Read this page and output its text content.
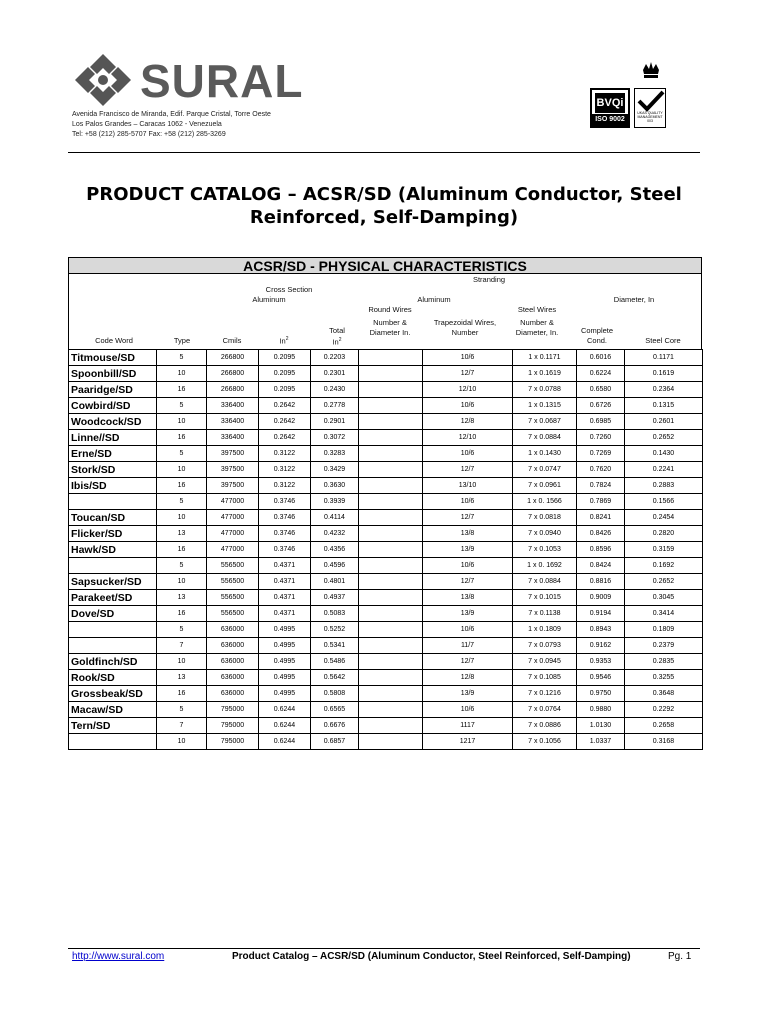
SURAL
Avenida Francisco de Miranda, Edif. Parque Cristal, Torre Oeste
Los Palos Grandes – Caracas 1062 - Venezuela
Tel: +58 (212) 285-5707 Fax: +58 (212) 285-3269
BVQi
ISO 9002
UKAS QUALITY MANAGEMENT 003
PRODUCT CATALOG – ACSR/SD (Aluminum Conductor, Steel Reinforced, Self-Damping)
ACSR/SD - PHYSICAL CHARACTERISTICS
Stranding
Cross Section
Aluminum	Aluminum	Diameter, In
Round Wires	Steel Wires
Code Word	Type	Cmils	In$^2$
Total
In$^2$
Number & Diameter In.
Trapezoidal Wires, Number
Number & Diameter, In.	Complete Cond.	Steel Core
Titmouse/SD	5	266800	0.2095	0.2203		10/6	1 x 0.1171	0.6016	0.1171
Spoonbill/SD	10	266800	0.2095	0.2301		12/7	1 x 0.1619	0.6224	0.1619
Paaridge/SD	16	266800	0.2095	0.2430		12/10	7 x 0.0788	0.6580	0.2364
Cowbird/SD	5	336400	0.2642	0.2778		10/6	1 x 0.1315	0.6726	0.1315
Woodcock/SD	10	336400	0.2642	0.2901		12/8	7 x 0.0687	0.6985	0.2601
Linne//SD	16	336400	0.2642	0.3072		12/10	7 x 0.0884	0.7260	0.2652
Erne/SD	5	397500	0.3122	0.3283		10/6	1 x 0.1430	0.7269	0.1430
Stork/SD	10	397500	0.3122	0.3429		12/7	7 x 0.0747	0.7620	0.2241
Ibis/SD	16	397500	0.3122	0.3630		13/10	7 x 0.0961	0.7824	0.2883
	5	477000	0.3746	0.3939		10/6	1 x 0. 1566	0.7869	0.1566
Toucan/SD	10	477000	0.3746	0.4114		12/7	7 x 0.0818	0.8241	0.2454
Flicker/SD	13	477000	0.3746	0.4232		13/8	7 x 0.0940	0.8426	0.2820
Hawk/SD	16	477000	0.3746	0.4356		13/9	7 x 0.1053	0.8596	0.3159
	5	556500	0.4371	0.4596		10/6	1 x 0. 1692	0.8424	0.1692
Sapsucker/SD	10	556500	0.4371	0.4801		12/7	7 x 0.0884	0.8816	0.2652
Parakeet/SD	13	556500	0.4371	0.4937		13/8	7 x 0.1015	0.9009	0.3045
Dove/SD	16	556500	0.4371	0.5083		13/9	7 x 0.1138	0.9194	0.3414
	5	636000	0.4995	0.5252		10/6	1 x 0.1809	0.8943	0.1809
	7	636000	0.4995	0.5341		11/7	7 x 0.0793	0.9162	0.2379
Goldfinch/SD	10	636000	0.4995	0.5486		12/7	7 x 0.0945	0.9353	0.2835
Rook/SD	13	636000	0.4995	0.5642		12/8	7 x 0.1085	0.9546	0.3255
Grossbeak/SD	16	636000	0.4995	0.5808		13/9	7 x 0.1216	0.9750	0.3648
Macaw/SD	5	795000	0.6244	0.6565		10/6	7 x 0.0764	0.9880	0.2292
Tern/SD	7	795000	0.6244	0.6676		1117	7 x 0.0886	1.0130	0.2658
	10	795000	0.6244	0.6857		1217	7 x 0.1056	1.0337	0.3168
http://www.sural.com	Product Catalog – ACSR/SD (Aluminum Conductor, Steel Reinforced, Self-Damping)	Pg. 1
